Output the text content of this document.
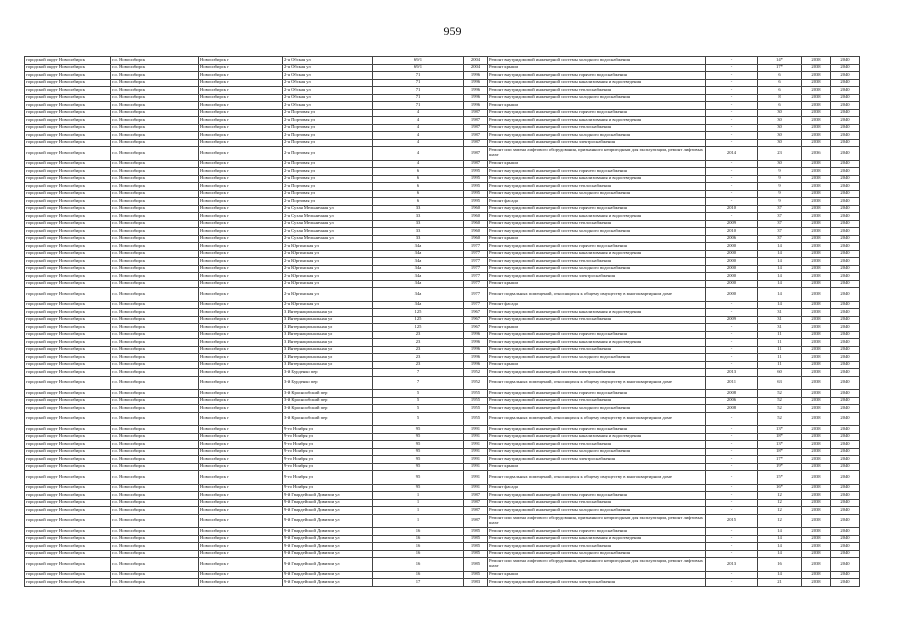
959
городской округ Новосибирск	г.о. Новосибирск	Новосибирск г	2-я Обская ул	69/1	2004	Ремонт внутридомовой инженерной системы холодного водоснабжения	-	14*	2038	2040
городской округ Новосибирск	г.о. Новосибирск	Новосибирск г	2-я Обская ул	69/1	2004	Ремонт крыши	-	17*	2038	2040
городской округ Новосибирск	г.о. Новосибирск	Новосибирск г	2-я Обская ул	71	1996	Ремонт внутридомовой инженерной системы горячего водоснабжения	-	6	2038	2040
городской округ Новосибирск	г.о. Новосибирск	Новосибирск г	2-я Обская ул	71	1996	Ремонт внутридомовой инженерной системы канализования и водоотведения	-	6	2038	2040
городской округ Новосибирск	г.о. Новосибирск	Новосибирск г	2-я Обская ул	71	1996	Ремонт внутридомовой инженерной системы теплоснабжения	-	6	2038	2040
городской округ Новосибирск	г.о. Новосибирск	Новосибирск г	2-я Обская ул	71	1996	Ремонт внутридомовой инженерной системы холодного водоснабжения	-	8	2038	2040
городской округ Новосибирск	г.о. Новосибирск	Новосибирск г	2-я Обская ул	71	1996	Ремонт крыши	-	6	2038	2040
городской округ Новосибирск	г.о. Новосибирск	Новосибирск г	2-я Портовая ул	4	1987	Ремонт внутридомовой инженерной системы горячего водоснабжения	-	30	2038	2040
городской округ Новосибирск	г.о. Новосибирск	Новосибирск г	2-я Портовая ул	4	1987	Ремонт внутридомовой инженерной системы канализования и водоотведения	-	30	2038	2040
городской округ Новосибирск	г.о. Новосибирск	Новосибирск г	2-я Портовая ул	4	1987	Ремонт внутридомовой инженерной системы теплоснабжения	-	30	2038	2040
городской округ Новосибирск	г.о. Новосибирск	Новосибирск г	2-я Портовая ул	4	1987	Ремонт внутридомовой инженерной системы холодного водоснабжения	-	30	2038	2040
городской округ Новосибирск	г.о. Новосибирск	Новосибирск г	2-я Портовая ул	4	1987	Ремонт внутридомовой инженерной системы электроснабжения	-	30	2038	2040
городской округ Новосибирск	г.о. Новосибирск	Новосибирск г	2-я Портовая ул	4	1987	Ремонт или замена лифтового оборудования, признанного непригодным для эксплуатации, ремонт лифтовых шахт	2014	23	2036	2040
городской округ Новосибирск	г.о. Новосибирск	Новосибирск г	2-я Портовая ул	4	1987	Ремонт крыши	-	30	2038	2040
городской округ Новосибирск	г.о. Новосибирск	Новосибирск г	2-я Портовая ул	6	1995	Ремонт внутридомовой инженерной системы горячего водоснабжения	-	9	2038	2040
городской округ Новосибирск	г.о. Новосибирск	Новосибирск г	2-я Портовая ул	6	1995	Ремонт внутридомовой инженерной системы канализования и водоотведения	-	9	2038	2040
городской округ Новосибирск	г.о. Новосибирск	Новосибирск г	2-я Портовая ул	6	1995	Ремонт внутридомовой инженерной системы теплоснабжения	-	9	2038	2040
городской округ Новосибирск	г.о. Новосибирск	Новосибирск г	2-я Портовая ул	6	1995	Ремонт внутридомовой инженерной системы холодного водоснабжения	-	9	2038	2040
городской округ Новосибирск	г.о. Новосибирск	Новосибирск г	2-я Портовая ул	6	1995	Ремонт фасада	-	9	2038	2040
городской округ Новосибирск	г.о. Новосибирск	Новосибирск г	2-я Сухая Мельничная ул	33	1960	Ремонт внутридомовой инженерной системы горячего водоснабжения	2010	37	2038	2040
городской округ Новосибирск	г.о. Новосибирск	Новосибирск г	2-я Сухая Мельничная ул	33	1960	Ремонт внутридомовой инженерной системы канализования и водоотведения	-	37	2038	2040
городской округ Новосибирск	г.о. Новосибирск	Новосибирск г	2-я Сухая Мельничная ул	33	1960	Ремонт внутридомовой инженерной системы теплоснабжения	2009	37	2038	2040
городской округ Новосибирск	г.о. Новосибирск	Новосибирск г	2-я Сухая Мельничная ул	33	1960	Ремонт внутридомовой инженерной системы холодного водоснабжения	2010	37	2038	2040
городской округ Новосибирск	г.о. Новосибирск	Новосибирск г	2-я Сухая Мельничная ул	33	1960	Ремонт крыши	2006	37	2038	2040
городской округ Новосибирск	г.о. Новосибирск	Новосибирск г	2-я Юргинская ул	34а	1977	Ремонт внутридомовой инженерной системы горячего водоснабжения	2000	14	2038	2040
городской округ Новосибирск	г.о. Новосибирск	Новосибирск г	2-я Юргинская ул	34а	1977	Ремонт внутридомовой инженерной системы канализования и водоотведения	2000	14	2038	2040
городской округ Новосибирск	г.о. Новосибирск	Новосибирск г	2-я Юргинская ул	34а	1977	Ремонт внутридомовой инженерной системы теплоснабжения	2000	14	2038	2040
городской округ Новосибирск	г.о. Новосибирск	Новосибирск г	2-я Юргинская ул	34а	1977	Ремонт внутридомовой инженерной системы холодного водоснабжения	2000	14	2038	2040
городской округ Новосибирск	г.о. Новосибирск	Новосибирск г	2-я Юргинская ул	34а	1977	Ремонт внутридомовой инженерной системы электроснабжения	2000	14	2038	2040
городской округ Новосибирск	г.о. Новосибирск	Новосибирск г	2-я Юргинская ул	34а	1977	Ремонт крыши	2000	14	2038	2040
городской округ Новосибирск	г.о. Новосибирск	Новосибирск г	2-я Юргинская ул	34а	1977	Ремонт подвальных помещений, относящихся к общему имуществу в многоквартирном доме	2000	14	2038	2040
городской округ Новосибирск	г.о. Новосибирск	Новосибирск г	2-я Юргинская ул	34а	1977	Ремонт фасада	-	14	2038	2040
городской округ Новосибирск	г.о. Новосибирск	Новосибирск г	3 Интернациональная ул	125	1967	Ремонт внутридомовой инженерной системы канализования и водоотведения	-	31	2038	2040
городской округ Новосибирск	г.о. Новосибирск	Новосибирск г	3 Интернациональная ул	125	1967	Ремонт внутридомовой инженерной системы теплоснабжения	2009	31	2038	2040
городской округ Новосибирск	г.о. Новосибирск	Новосибирск г	3 Интернациональная ул	125	1967	Ремонт крыши	-	31	2038	2040
городской округ Новосибирск	г.о. Новосибирск	Новосибирск г	3 Интернациональная ул	23	1996	Ремонт внутридомовой инженерной системы горячего водоснабжения	-	11	2038	2040
городской округ Новосибирск	г.о. Новосибирск	Новосибирск г	3 Интернациональная ул	23	1996	Ремонт внутридомовой инженерной системы канализования и водоотведения	-	11	2038	2040
городской округ Новосибирск	г.о. Новосибирск	Новосибирск г	3 Интернациональная ул	23	1996	Ремонт внутридомовой инженерной системы теплоснабжения	-	11	2038	2040
городской округ Новосибирск	г.о. Новосибирск	Новосибирск г	3 Интернациональная ул	23	1996	Ремонт внутридомовой инженерной системы холодного водоснабжения	-	11	2038	2040
городской округ Новосибирск	г.о. Новосибирск	Новосибирск г	3 Интернациональная ул	23	1996	Ремонт крыши	-	11	2038	2040
городской округ Новосибирск	г.о. Новосибирск	Новосибирск г	3-й Бурденко пер	7	1952	Ремонт внутридомовой инженерной системы электроснабжения	2013	60	2038	2040
городской округ Новосибирск	г.о. Новосибирск	Новосибирск г	3-й Бурденко пер	7	1952	Ремонт подвальных помещений, относящихся к общему имуществу в многоквартирном доме	2011	63	2038	2040
городской округ Новосибирск	г.о. Новосибирск	Новосибирск г	3-й Краснообский пер	5	1955	Ремонт внутридомовой инженерной системы горячего водоснабжения	2008	52	2038	2040
городской округ Новосибирск	г.о. Новосибирск	Новосибирск г	3-й Краснообский пер	5	1955	Ремонт внутридомовой инженерной системы теплоснабжения	2006	52	2038	2040
городской округ Новосибирск	г.о. Новосибирск	Новосибирск г	3-й Краснообский пер	5	1955	Ремонт внутридомовой инженерной системы холодного водоснабжения	2008	52	2038	2040
городской округ Новосибирск	г.о. Новосибирск	Новосибирск г	3-й Краснообский пер	5	1955	Ремонт подвальных помещений, относящихся к общему имуществу в многоквартирном доме	-	52	2038	2040
городской округ Новосибирск	г.о. Новосибирск	Новосибирск г	9-го Ноября ул	95	1991	Ремонт внутридомовой инженерной системы горячего водоснабжения	-	13*	2038	2040
городской округ Новосибирск	г.о. Новосибирск	Новосибирск г	9-го Ноября ул	95	1991	Ремонт внутридомовой инженерной системы канализования и водоотведения	-	18*	2038	2040
городской округ Новосибирск	г.о. Новосибирск	Новосибирск г	9-го Ноября ул	95	1991	Ремонт внутридомовой инженерной системы теплоснабжения	-	13*	2038	2040
городской округ Новосибирск	г.о. Новосибирск	Новосибирск г	9-го Ноября ул	95	1991	Ремонт внутридомовой инженерной системы холодного водоснабжения	-	18*	2038	2040
городской округ Новосибирск	г.о. Новосибирск	Новосибирск г	9-го Ноября ул	95	1991	Ремонт внутридомовой инженерной системы электроснабжения	-	17*	2038	2040
городской округ Новосибирск	г.о. Новосибирск	Новосибирск г	9-го Ноября ул	95	1991	Ремонт крыши	-	19*	2038	2040
городской округ Новосибирск	г.о. Новосибирск	Новосибирск г	9-го Ноября ул	95	1991	Ремонт подвальных помещений, относящихся к общему имуществу в многоквартирном доме	-	15*	2038	2040
городской округ Новосибирск	г.о. Новосибирск	Новосибирск г	9-го Ноября ул	95	1991	Ремонт фасада	-	16*	2038	2040
городской округ Новосибирск	г.о. Новосибирск	Новосибирск г	9-й Гвардейской Дивизии ул	1	1987	Ремонт внутридомовой инженерной системы горячего водоснабжения	-	12	2038	2040
городской округ Новосибирск	г.о. Новосибирск	Новосибирск г	9-й Гвардейской Дивизии ул	1	1987	Ремонт внутридомовой инженерной системы теплоснабжения	-	12	2038	2040
городской округ Новосибирск	г.о. Новосибирск	Новосибирск г	9-й Гвардейской Дивизии ул	1	1987	Ремонт внутридомовой инженерной системы холодного водоснабжения	-	12	2038	2040
городской округ Новосибирск	г.о. Новосибирск	Новосибирск г	9-й Гвардейской Дивизии ул	1	1987	Ремонт или замена лифтового оборудования, признанного непригодным для эксплуатации, ремонт лифтовых шахт	2015	12	2038	2040
городской округ Новосибирск	г.о. Новосибирск	Новосибирск г	9-й Гвардейской Дивизии ул	16	1985	Ремонт внутридомовой инженерной системы горячего водоснабжения	-	14	2038	2040
городской округ Новосибирск	г.о. Новосибирск	Новосибирск г	9-й Гвардейской Дивизии ул	16	1985	Ремонт внутридомовой инженерной системы канализования и водоотведения	-	14	2038	2040
городской округ Новосибирск	г.о. Новосибирск	Новосибирск г	9-й Гвардейской Дивизии ул	16	1985	Ремонт внутридомовой инженерной системы теплоснабжения	-	14	2038	2040
городской округ Новосибирск	г.о. Новосибирск	Новосибирск г	9-й Гвардейской Дивизии ул	16	1985	Ремонт внутридомовой инженерной системы холодного водоснабжения	-	14	2038	2040
городской округ Новосибирск	г.о. Новосибирск	Новосибирск г	9-й Гвардейской Дивизии ул	16	1985	Ремонт или замена лифтового оборудования, признанного непригодным для эксплуатации, ремонт лифтовых шахт	2013	16	2038	2040
городской округ Новосибирск	г.о. Новосибирск	Новосибирск г	9-й Гвардейской Дивизии ул	16	1985	Ремонт крыши	-	14	2038	2040
городской округ Новосибирск	г.о. Новосибирск	Новосибирск г	9-й Гвардейской Дивизии ул	17	1983	Ремонт внутридомовой инженерной системы электроснабжения	-	21	2038	2040
